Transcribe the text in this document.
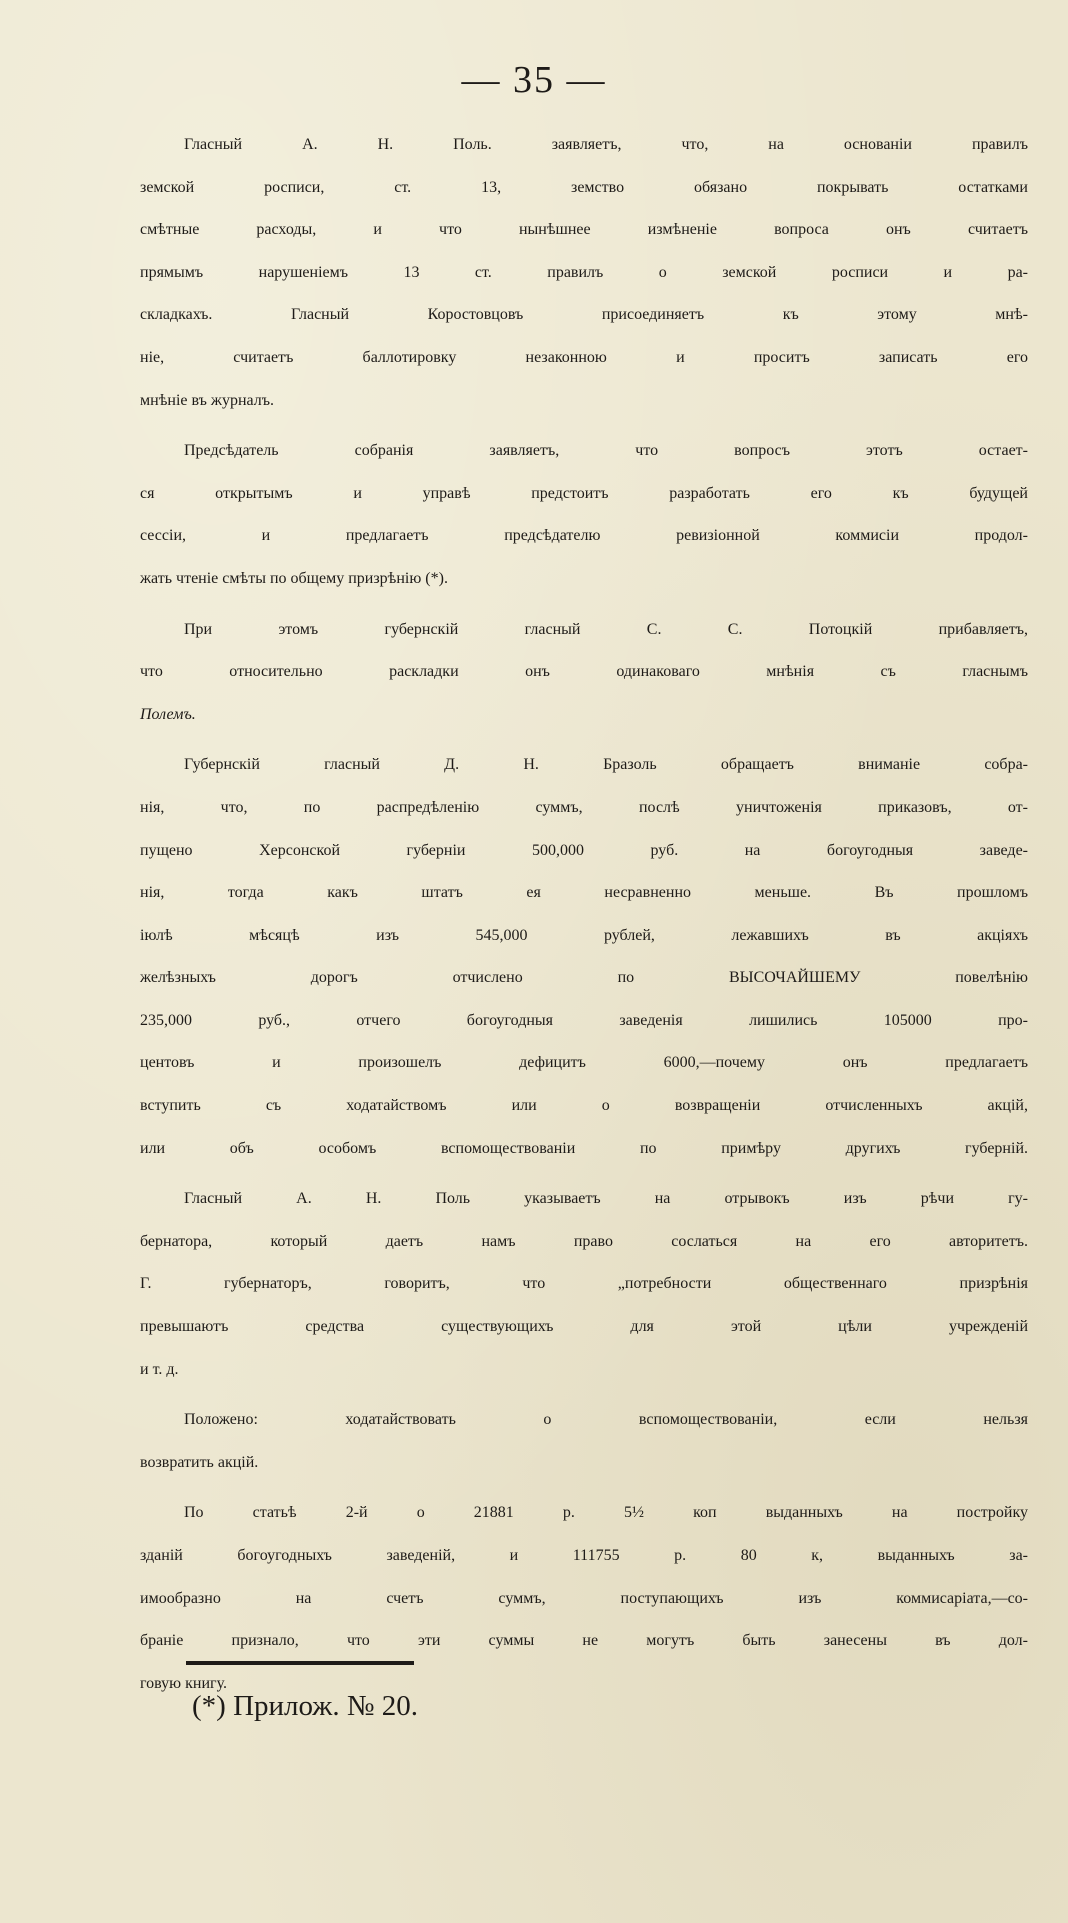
— 35 —
Гласный А. Н. Поль. заявляетъ, что, на основаніи правилъ
земской росписи, ст. 13, земство обязано покрывать остатками
смѣтные расходы, и что нынѣшнее измѣненіе вопроса онъ считаетъ
прямымъ нарушеніемъ 13 ст. правилъ о земской росписи и ра-
складкахъ. Гласный Коростовцовъ присоединяетъ къ этому мнѣ-
ніе, считаетъ баллотировку незаконною и проситъ записать его
мнѣніе въ журналъ.
Предсѣдатель собранія заявляетъ, что вопросъ этотъ остает-
ся открытымъ и управѣ предстоитъ разработать его къ будущей
сессіи, и предлагаетъ предсѣдателю ревизіонной коммисіи продол-
жать чтеніе смѣты по общему призрѣнію (*).
При этомъ губернскій гласный С. С. Потоцкій прибавляетъ,
что относительно раскладки онъ одинаковаго мнѣнія съ гласнымъ
Полемъ.
Губернскій гласный Д. Н. Бразоль обращаетъ вниманіе собра-
нія, что, по распредѣленію суммъ, послѣ уничтоженія приказовъ, от-
пущено Херсонской губерніи 500,000 руб. на богоугодныя заведе-
нія, тогда какъ штатъ ея несравненно меньше. Въ прошломъ
іюлѣ мѣсяцѣ изъ 545,000 рублей, лежавшихъ въ акціяхъ
желѣзныхъ дорогъ отчислено по ВЫСОЧАЙШЕМУ повелѣнію
235,000 руб., отчего богоугодныя заведенія лишились 105000 про-
центовъ и произошелъ дефицитъ 6000,—почему онъ предлагаетъ
вступить съ ходатайствомъ или о возвращеніи отчисленныхъ акцій,
или объ особомъ вспомоществованіи по примѣру другихъ губерній.
Гласный А. Н. Поль указываетъ на отрывокъ изъ рѣчи гу-
бернатора, который даетъ намъ право сослаться на его авторитетъ.
Г. губернаторъ, говоритъ, что „потребности общественнаго призрѣнія
превышаютъ средства существующихъ для этой цѣли учрежденій
и т. д.
Положено: ходатайствовать о вспомоществованіи, если нельзя
возвратить акцій.
По статьѣ 2-й о 21881 р. 5½ коп выданныхъ на постройку
зданій богоугодныхъ заведеній, и 111755 р. 80 к, выданныхъ за-
имообразно на счетъ суммъ, поступающихъ изъ коммисаріата,—со-
браніе признало, что эти суммы не могутъ быть занесены въ дол-
говую книгу.
(*) Прилож. № 20.
